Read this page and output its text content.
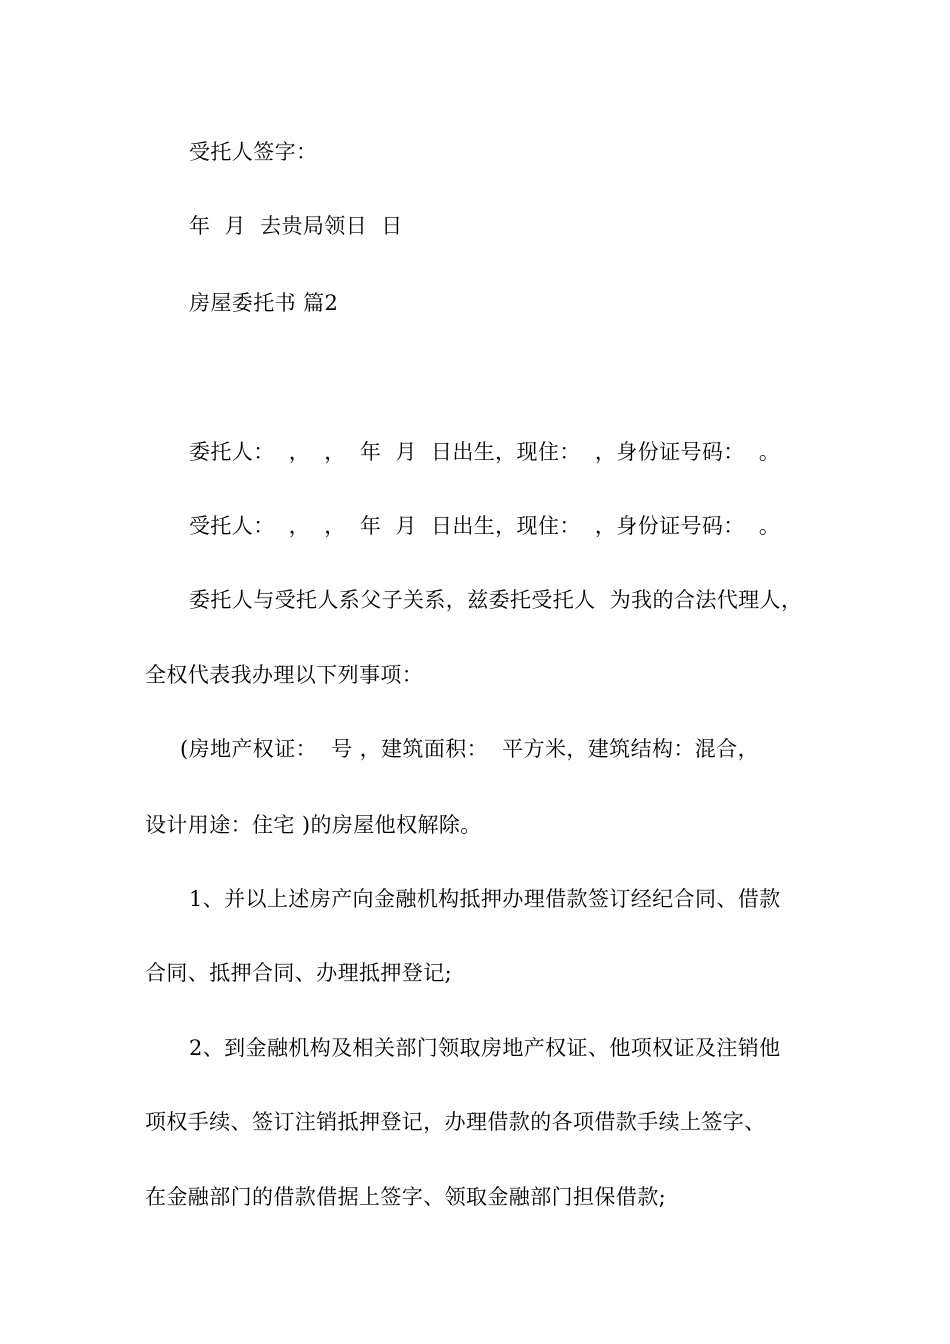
受托人签字：
年  月  去贵局领日  日
房屋委托书 篇2
委托人：  ，  ，  年  月  日出生，现住：  ，身份证号码：  。
受托人：  ，  ，  年  月  日出生，现住：  ，身份证号码：  。
委托人与受托人系父子关系，兹委托受托人  为我的合法代理人，
全权代表我办理以下列事项：
(房地产权证：  号 ，建筑面积：  平方米，建筑结构：混合，
设计用途：住宅 )的房屋他权解除。
1、并以上述房产向金融机构抵押办理借款签订经纪合同、借款
合同、抵押合同、办理抵押登记;
2、到金融机构及相关部门领取房地产权证、他项权证及注销他
项权手续、签订注销抵押登记，办理借款的各项借款手续上签字、
在金融部门的借款借据上签字、领取金融部门担保借款;
